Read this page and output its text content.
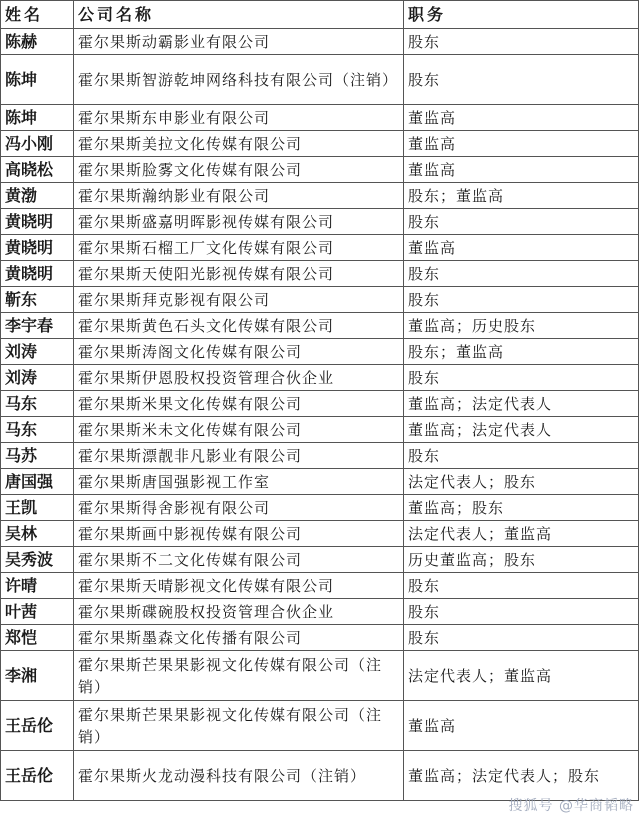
姓名	公司名称	职务
陈赫	霍尔果斯动霸影业有限公司	股东
陈坤	霍尔果斯智游乾坤网络科技有限公司（注销）	股东
陈坤	霍尔果斯东申影业有限公司	董监高
冯小刚	霍尔果斯美拉文化传媒有限公司	董监高
高晓松	霍尔果斯脸雾文化传媒有限公司	董监高
黄渤	霍尔果斯瀚纳影业有限公司	股东；董监高
黄晓明	霍尔果斯盛嘉明晖影视传媒有限公司	股东
黄晓明	霍尔果斯石榴工厂文化传媒有限公司	董监高
黄晓明	霍尔果斯天使阳光影视传媒有限公司	股东
靳东	霍尔果斯拜克影视有限公司	股东
李宇春	霍尔果斯黄色石头文化传媒有限公司	董监高；历史股东
刘涛	霍尔果斯涛阁文化传媒有限公司	股东；董监高
刘涛	霍尔果斯伊恩股权投资管理合伙企业	股东
马东	霍尔果斯米果文化传媒有限公司	董监高；法定代表人
马东	霍尔果斯米未文化传媒有限公司	董监高；法定代表人
马苏	霍尔果斯漂靓非凡影业有限公司	股东
唐国强	霍尔果斯唐国强影视工作室	法定代表人；股东
王凯	霍尔果斯得舍影视有限公司	董监高；股东
吴林	霍尔果斯画中影视传媒有限公司	法定代表人；董监高
吴秀波	霍尔果斯不二文化传媒有限公司	历史董监高；股东
许晴	霍尔果斯天晴影视文化传媒有限公司	股东
叶茜	霍尔果斯碟碗股权投资管理合伙企业	股东
郑恺	霍尔果斯墨森文化传播有限公司	股东
李湘	霍尔果斯芒果果影视文化传媒有限公司（注销）	法定代表人；董监高
王岳伦	霍尔果斯芒果果影视文化传媒有限公司（注销）	董监高
王岳伦	霍尔果斯火龙动漫科技有限公司（注销）	董监高；法定代表人；股东
搜狐号 @华商韬略
